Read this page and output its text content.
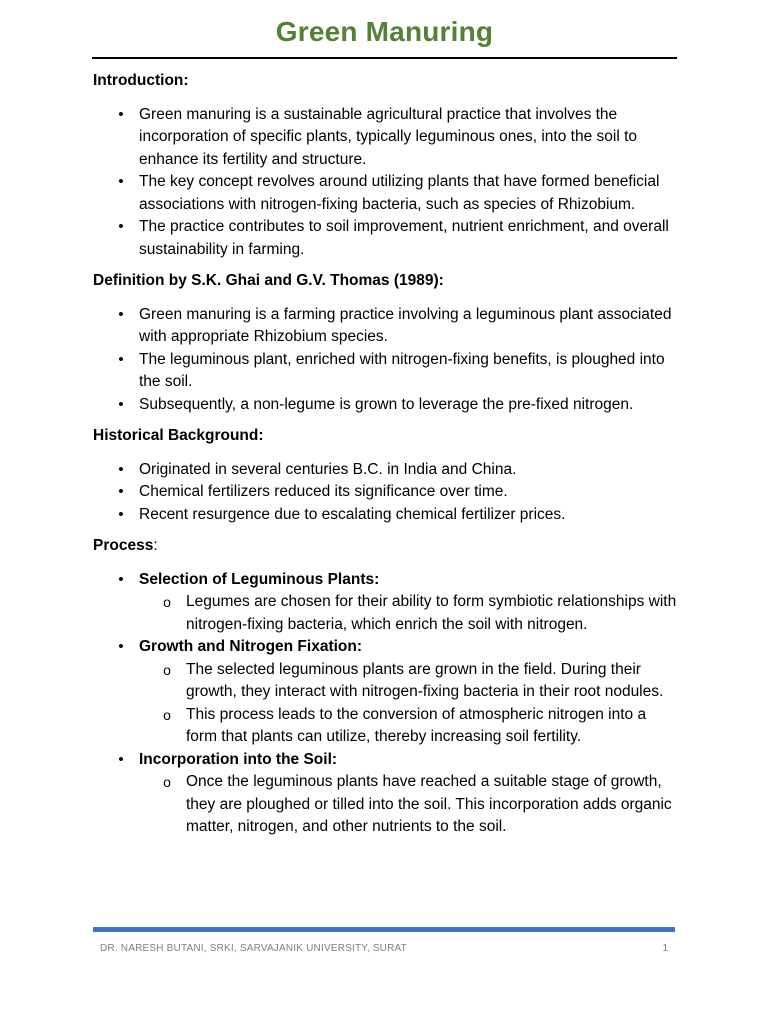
Green Manuring

Introduction:

• Green manuring is a sustainable agricultural practice that involves the incorporation of specific plants, typically leguminous ones, into the soil to enhance its fertility and structure.
• The key concept revolves around utilizing plants that have formed beneficial associations with nitrogen-fixing bacteria, such as species of Rhizobium.
• The practice contributes to soil improvement, nutrient enrichment, and overall sustainability in farming.

Definition by S.K. Ghai and G.V. Thomas (1989):

• Green manuring is a farming practice involving a leguminous plant associated with appropriate Rhizobium species.
• The leguminous plant, enriched with nitrogen-fixing benefits, is ploughed into the soil.
• Subsequently, a non-legume is grown to leverage the pre-fixed nitrogen.

Historical Background:

• Originated in several centuries B.C. in India and China.
• Chemical fertilizers reduced its significance over time.
• Recent resurgence due to escalating chemical fertilizer prices.

Process:

• Selection of Leguminous Plants:
o Legumes are chosen for their ability to form symbiotic relationships with nitrogen-fixing bacteria, which enrich the soil with nitrogen.
• Growth and Nitrogen Fixation:
o The selected leguminous plants are grown in the field. During their growth, they interact with nitrogen-fixing bacteria in their root nodules.
o This process leads to the conversion of atmospheric nitrogen into a form that plants can utilize, thereby increasing soil fertility.
• Incorporation into the Soil:
o Once the leguminous plants have reached a suitable stage of growth, they are ploughed or tilled into the soil. This incorporation adds organic matter, nitrogen, and other nutrients to the soil.
DR. NARESH BUTANI, SRKI, SARVAJANIK UNIVERSITY, SURAT	1
